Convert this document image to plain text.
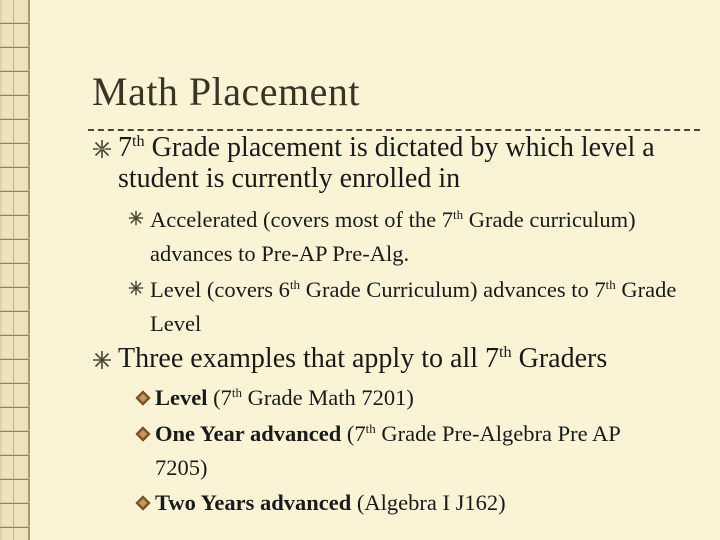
Math Placement
7th Grade placement is dictated by which level a student is currently enrolled in
Accelerated (covers most of the 7th Grade curriculum) advances to Pre-AP Pre-Alg.
Level (covers 6th Grade Curriculum) advances to 7th Grade Level
Three examples that apply to all 7th Graders
Level (7th Grade Math 7201)
One Year advanced (7th Grade Pre-Algebra Pre AP 7205)
Two Years advanced (Algebra I J162)
